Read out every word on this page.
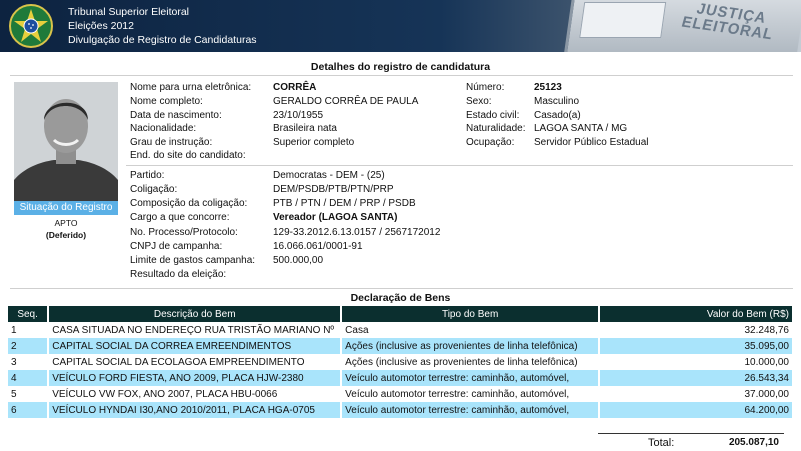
Tribunal Superior Eleitoral
Eleições 2012
Divulgação de Registro de Candidaturas
JUSTIÇA ELEITORAL
Detalhes do registro de candidatura
Situação do Registro
APTO
(Deferido)
Nome para urna eletrônica: CORRÊA
Nome completo:	GERALDO CORRÊA DE PAULA
Data de nascimento:	23/10/1955
Nacionalidade:	Brasileira nata
Grau de instrução:	Superior completo
End. do site do candidato:
Número:	25123
Sexo:	Masculino
Estado civil: Casado(a)
Naturalidade: LAGOA SANTA / MG
Ocupação: Servidor Público Estadual
Partido:	Democratas - DEM - (25)
Coligação:	DEM/PSDB/PTB/PTN/PRP
Composição da coligação:	PTB / PTN / DEM / PRP / PSDB
Cargo a que concorre:	Vereador (LAGOA SANTA)
No. Processo/Protocolo:	129-33.2012.6.13.0157 / 2567172012
CNPJ de campanha:	16.066.061/0001-91
Limite de gastos campanha: 500.000,00
Resultado da eleição:
Declaração de Bens
Seq.	Descrição do Bem	Tipo do Bem	Valor do Bem (R$)
1	CASA SITUADA NO ENDEREÇO RUA TRISTÃO MARIANO Nº	Casa	32.248,76
2	CAPITAL SOCIAL DA CORREA EMREENDIMENTOS	Ações (inclusive as provenientes de linha telefônica)	35.095,00
3	CAPITAL SOCIAL DA ECOLAGOA EMPREENDIMENTO	Ações (inclusive as provenientes de linha telefônica)	10.000,00
4	VEÍCULO FORD FIESTA, ANO 2009, PLACA HJW-2380	Veículo automotor terrestre: caminhão, automóvel,	26.543,34
5	VEÍCULO VW FOX, ANO 2007, PLACA HBU-0066	Veículo automotor terrestre: caminhão, automóvel,	37.000,00
6	VEÍCULO HYNDAI I30,ANO 2010/2011, PLACA HGA-0705	Veículo automotor terrestre: caminhão, automóvel,	64.200,00
Total:	205.087,10
